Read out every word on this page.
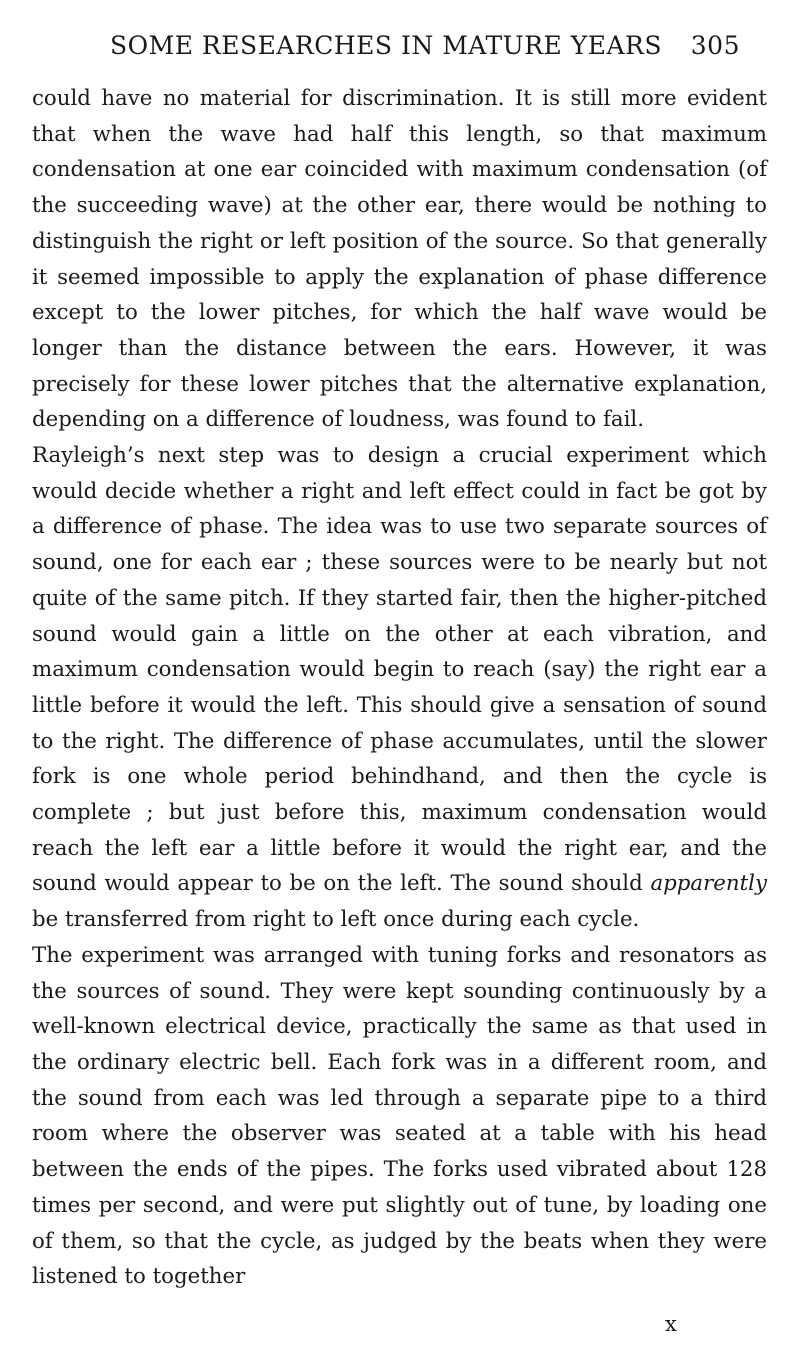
SOME RESEARCHES IN MATURE YEARS 305

could have no material for discrimination. It is still more evident that when the wave had half this length, so that maximum condensation at one ear coincided with maximum condensation (of the succeeding wave) at the other ear, there would be nothing to distinguish the right or left position of the source. So that generally it seemed impossible to apply the explanation of phase difference except to the lower pitches, for which the half wave would be longer than the distance between the ears. However, it was precisely for these lower pitches that the alternative explanation, depending on a difference of loudness, was found to fail.

Rayleigh’s next step was to design a crucial experiment which would decide whether a right and left effect could in fact be got by a difference of phase. The idea was to use two separate sources of sound, one for each ear ; these sources were to be nearly but not quite of the same pitch. If they started fair, then the higher-pitched sound would gain a little on the other at each vibration, and maximum condensation would begin to reach (say) the right ear a little before it would the left. This should give a sensation of sound to the right. The difference of phase accumulates, until the slower fork is one whole period behindhand, and then the cycle is complete ; but just before this, maximum condensation would reach the left ear a little before it would the right ear, and the sound would appear to be on the left. The sound should apparently be transferred from right to left once during each cycle.

The experiment was arranged with tuning forks and resonators as the sources of sound. They were kept sounding continuously by a well-known electrical device, practically the same as that used in the ordinary electric bell. Each fork was in a different room, and the sound from each was led through a separate pipe to a third room where the observer was seated at a table with his head between the ends of the pipes. The forks used vibrated about 128 times per second, and were put slightly out of tune, by loading one of them, so that the cycle, as judged by the beats when they were listened to together

x
